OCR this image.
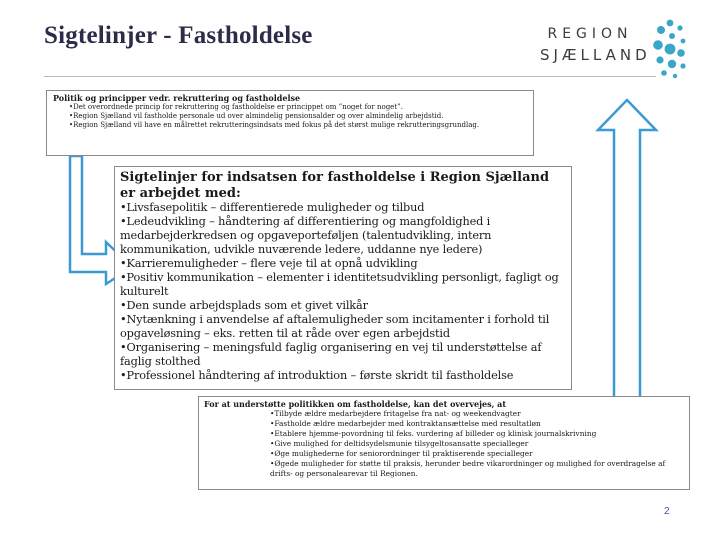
Sigtelinjer - Fastholdelse	REGION
SJÆLLAND
Politik og principper vedr. rekruttering og fastholdelse
•Det overordnede princip for rekruttering og fastholdelse er princippet om ”noget for noget”.
•Region Sjælland vil fastholde personale ud over almindelig pensionsalder og over almindelig arbejdstid.
•Region Sjælland vil have en målrettet rekrutteringsindsats med fokus på det størst mulige rekrutteringsgrundlag.
Sigtelinjer for indsatsen for fastholdelse i Region Sjælland er arbejdet med:
•Livsfasepolitik – differentierede muligheder og tilbud
•Ledeudvikling – håndtering af differentiering og mangfoldighed i medarbejderkredsen og opgaveporteføljen (talentudvikling, intern kommunikation, udvikle nuværende ledere, uddanne nye ledere)
•Karrieremuligheder – flere veje til at opnå udvikling
•Positiv kommunikation – elementer i identitetsudvikling personligt, fagligt og kulturelt
•Den sunde arbejdsplads som et givet vilkår
•Nytænkning i anvendelse af aftalemuligheder som incitamenter i forhold til opgaveløsning – eks. retten til at råde over egen arbejdstid
•Organisering – meningsfuld faglig organisering en vej til understøttelse af faglig stolthed
•Professionel håndtering af introduktion – første skridt til fastholdelse
For at understøtte politikken om fastholdelse, kan det overvejes, at
•Tilbyde ældre medarbejdere fritagelse fra nat- og weekendvagter
•Fastholde ældre medarbejder med kontraktansættelse med resultatløn
•Etablere hjemme-povordning til feks. vurdering af billeder og klinisk journalskrivning
•Give mulighed for deltidsydelsmunie tilsygeltosansatte specialleger
•Øge mulighederne for seniorordninger til praktiserende specialleger
•Øgede muligheder for støtte til praksis, herunder bedre vikarordninger og mulighed for overdragelse af drifts- og personalearevar til Regionen.
2
